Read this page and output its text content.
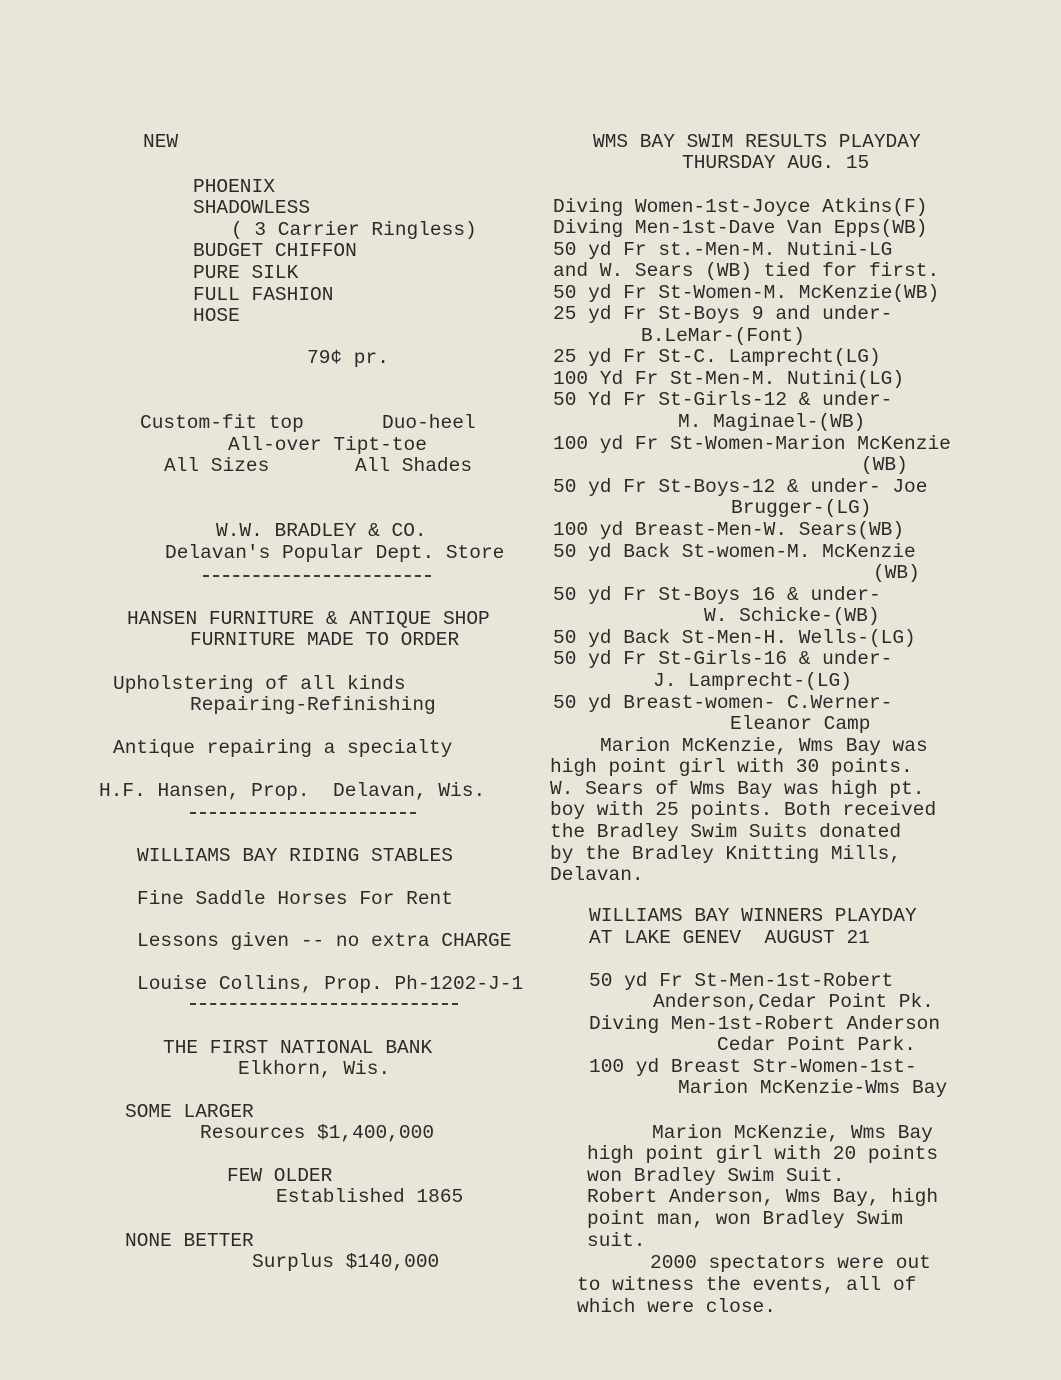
NEW
PHOENIX
SHADOWLESS
( 3 Carrier Ringless)
BUDGET CHIFFON
PURE SILK
FULL FASHION
HOSE
79¢ pr.
Custom-fit top	Duo-heel
All-over Tipt-toe
All Sizes	All Shades
W.W. BRADLEY & CO.
Delavan's Popular Dept. Store
HANSEN FURNITURE & ANTIQUE SHOP
FURNITURE MADE TO ORDER
Upholstering of all kinds
Repairing-Refinishing
Antique repairing a specialty
H.F. Hansen, Prop.  Delavan, Wis.
WILLIAMS BAY RIDING STABLES
Fine Saddle Horses For Rent
Lessons given -- no extra CHARGE
Louise Collins, Prop. Ph-1202-J-1
THE FIRST NATIONAL BANK
Elkhorn, Wis.
SOME LARGER
Resources $1,400,000
FEW OLDER
Established 1865
NONE BETTER
Surplus $140,000
WMS BAY SWIM RESULTS PLAYDAY
THURSDAY AUG. 15
Diving Women-1st-Joyce Atkins(F)
Diving Men-1st-Dave Van Epps(WB)
50 yd Fr st.-Men-M. Nutini-LG
and W. Sears (WB) tied for first.
50 yd Fr St-Women-M. McKenzie(WB)
25 yd Fr St-Boys 9 and under-
B.LeMar-(Font)
25 yd Fr St-C. Lamprecht(LG)
100 Yd Fr St-Men-M. Nutini(LG)
50 Yd Fr St-Girls-12 & under-
M. Maginael-(WB)
100 yd Fr St-Women-Marion McKenzie
(WB)
50 yd Fr St-Boys-12 & under- Joe
Brugger-(LG)
100 yd Breast-Men-W. Sears(WB)
50 yd Back St-women-M. McKenzie
(WB)
50 yd Fr St-Boys 16 & under-
W. Schicke-(WB)
50 yd Back St-Men-H. Wells-(LG)
50 yd Fr St-Girls-16 & under-
J. Lamprecht-(LG)
50 yd Breast-women- C.Werner-
Eleanor Camp
Marion McKenzie, Wms Bay was
high point girl with 30 points.
W. Sears of Wms Bay was high pt.
boy with 25 points. Both received
the Bradley Swim Suits donated
by the Bradley Knitting Mills,
Delavan.
WILLIAMS BAY WINNERS PLAYDAY
AT LAKE GENEV  AUGUST 21
50 yd Fr St-Men-1st-Robert
Anderson,Cedar Point Pk.
Diving Men-1st-Robert Anderson
Cedar Point Park.
100 yd Breast Str-Women-1st-
Marion McKenzie-Wms Bay
Marion McKenzie, Wms Bay
high point girl with 20 points
won Bradley Swim Suit.
Robert Anderson, Wms Bay, high
point man, won Bradley Swim
suit.
2000 spectators were out
to witness the events, all of
which were close.
